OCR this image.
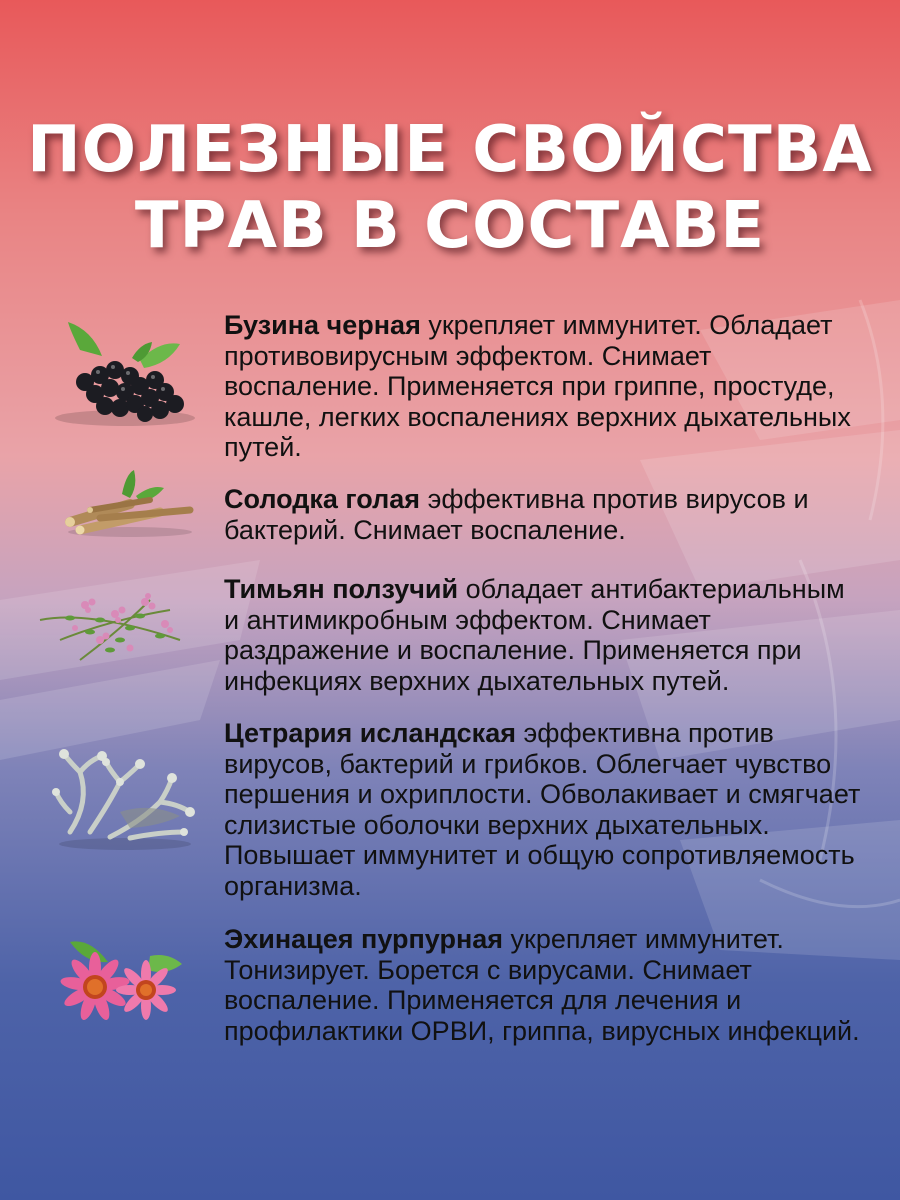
ПОЛЕЗНЫЕ СВОЙСТВА
ТРАВ В СОСТАВЕ
Бузина черная укрепляет иммунитет. Обладает противовирусным эффектом. Снимает воспаление. Применяется при гриппе, простуде, кашле, легких воспалениях верхних дыхательных путей.
Солодка голая эффективна против вирусов и бактерий. Снимает воспаление.
Тимьян ползучий обладает антибактериальным и антимикробным эффектом. Снимает раздражение и воспаление. Применяется при инфекциях верхних дыхательных путей.
Цетрария исландская эффективна против вирусов, бактерий и грибков. Облегчает чувство першения и охриплости. Обволакивает и смягчает слизистые оболочки верхних дыхательных. Повышает иммунитет и общую сопротивляемость организма.
Эхинацея пурпурная укрепляет иммунитет. Тонизирует. Борется с вирусами. Снимает воспаление. Применяется для лечения и профилактики ОРВИ, гриппа, вирусных инфекций.
